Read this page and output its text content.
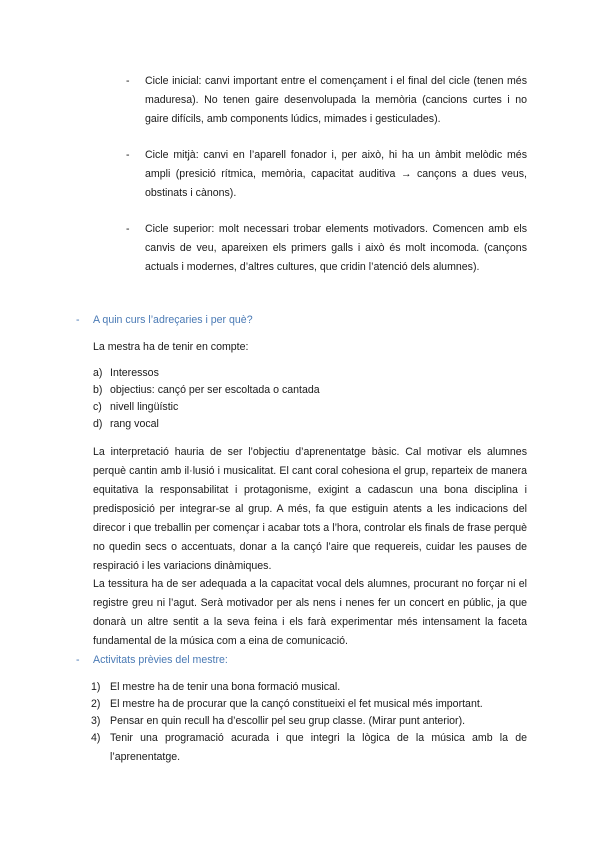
- Cicle inicial: canvi important entre el començament i el final del cicle (tenen més maduresa). No tenen gaire desenvolupada la memòria (cancions curtes i no gaire difícils, amb components lúdics, mimades i gesticulades).

- Cicle mitjà: canvi en l’aparell fonador i, per això, hi ha un àmbit melòdic més ampli (presició rítmica, memòria, capacitat auditiva → cançons a dues veus, obstinats i cànons).

- Cicle superior: molt necessari trobar elements motivadors. Comencen amb els canvis de veu, apareixen els primers galls i això és molt incomoda. (cançons actuals i modernes, d’altres cultures, que cridin l’atenció dels alumnes).

- A quin curs l’adreçaries i per què?

La mestra ha de tenir en compte:

a) Interessos

b) objectius: cançó per ser escoltada o cantada

c) nivell lingüístic

d) rang vocal

La interpretació hauria de ser l’objectiu d’aprenentatge bàsic. Cal motivar els alumnes perquè cantin amb il·lusió i musicalitat. El cant coral cohesiona el grup, reparteix de manera equitativa la responsabilitat i protagonisme, exigint a cadascun una bona disciplina i predisposició per integrar-se al grup. A més, fa que estiguin atents a les indicacions del direcor i que treballin per començar i acabar tots a l’hora, controlar els finals de frase perquè no quedin secs o accentuats, donar a la cançó l’aire que requereis, cuidar les pauses de respiració i les variacions dinàmiques.

La tessitura ha de ser adequada a la capacitat vocal dels alumnes, procurant no forçar ni el registre greu ni l’agut. Serà motivador per als nens i nenes fer un concert en públic, ja que donarà un altre sentit a la seva feina i els farà experimentar més intensament la faceta fundamental de la música com a eina de comunicació.

- Activitats prèvies del mestre:

1) El mestre ha de tenir una bona formació musical.

2) El mestre ha de procurar que la cançó constitueixi el fet musical més important.

3) Pensar en quin recull ha d’escollir pel seu grup classe. (Mirar punt anterior).

4) Tenir una programació acurada i que integri la lògica de la música amb la de l’aprenentatge.
